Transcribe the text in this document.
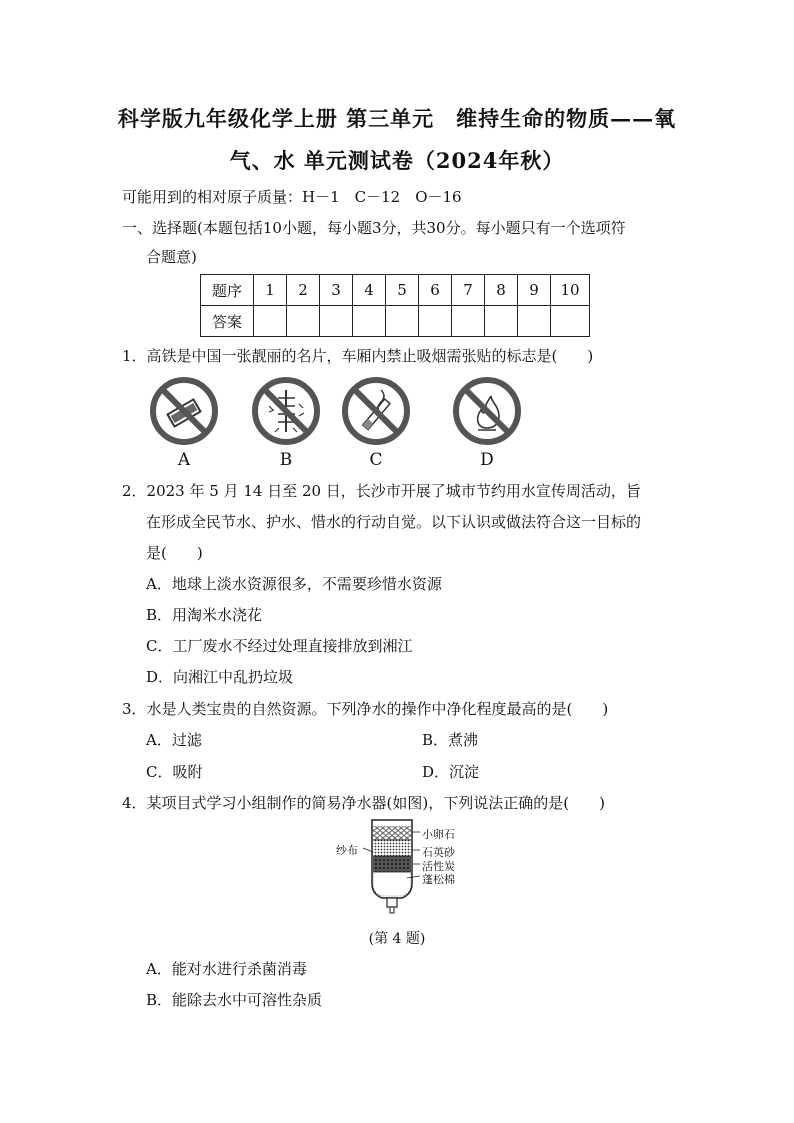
科学版九年级化学上册 第三单元　维持生命的物质——氧
气、水 单元测试卷（2024年秋）
可能用到的相对原子质量：H－1　C－12　O－16
一、选择题(本题包括10小题，每小题3分，共30分。每小题只有一个选项符
合题意)
题序	1	2	3	4	5	6	7	8	9	10
答案										
1．高铁是中国一张靓丽的名片，车厢内禁止吸烟需张贴的标志是(　　)
A	B	C	D
2．2023 年 5 月 14 日至 20 日，长沙市开展了城市节约用水宣传周活动，旨
在形成全民节水、护水、惜水的行动自觉。以下认识或做法符合这一目标的
是(　　)
A．地球上淡水资源很多，不需要珍惜水资源
B．用淘米水浇花
C．工厂废水不经过处理直接排放到湘江
D．向湘江中乱扔垃圾
3．水是人类宝贵的自然资源。下列净水的操作中净化程度最高的是(　　)
A．过滤	B．煮沸
C．吸附	D．沉淀
4．某项目式学习小组制作的简易净水器(如图)，下列说法正确的是(　　)
纱布
小卵石
石英砂
活性炭
蓬松棉
(第 4 题)
A．能对水进行杀菌消毒
B．能除去水中可溶性杂质
